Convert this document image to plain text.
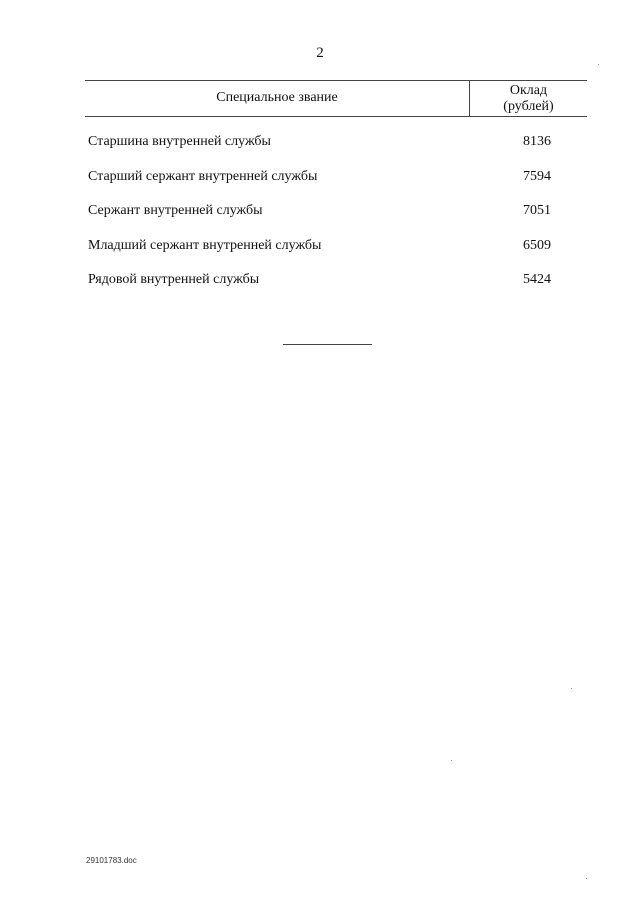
2
Специальное звание	Оклад
(рублей)
Старшина внутренней службы	8136
Старший сержант внутренней службы	7594
Сержант внутренней службы	7051
Младший сержант внутренней службы	6509
Рядовой внутренней службы	5424
29101783.doc
